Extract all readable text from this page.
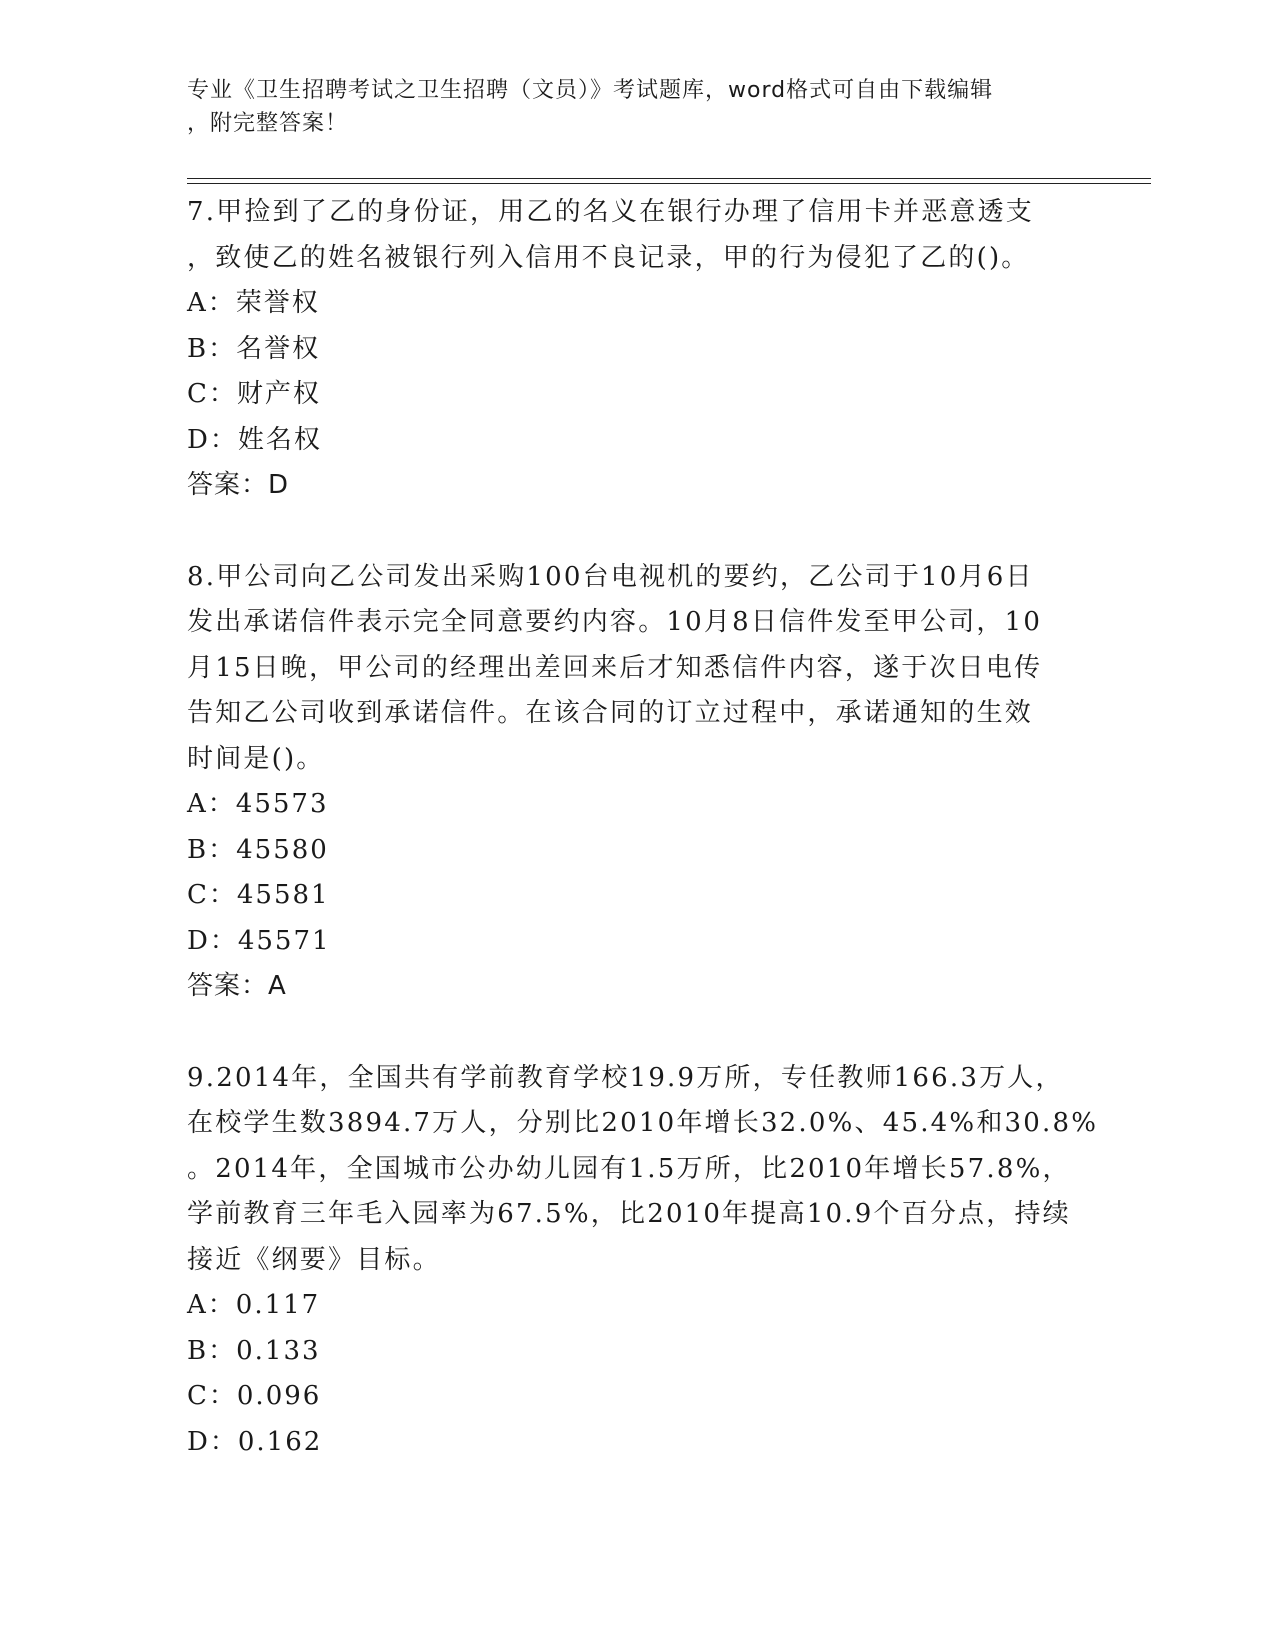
专业《卫生招聘考试之卫生招聘（文员）》考试题库，word格式可自由下载编辑
，附完整答案！
7.甲捡到了乙的身份证，用乙的名义在银行办理了信用卡并恶意透支
，致使乙的姓名被银行列入信用不良记录，甲的行为侵犯了乙的()。
A：荣誉权
B：名誉权
C：财产权
D：姓名权
答案：D
8.甲公司向乙公司发出采购100台电视机的要约，乙公司于10月6日
发出承诺信件表示完全同意要约内容。10月8日信件发至甲公司，10
月15日晚，甲公司的经理出差回来后才知悉信件内容，遂于次日电传
告知乙公司收到承诺信件。在该合同的订立过程中，承诺通知的生效
时间是()。
A：45573
B：45580
C：45581
D：45571
答案：A
9.2014年，全国共有学前教育学校19.9万所，专任教师166.3万人，
在校学生数3894.7万人，分别比2010年增长32.0%、45.4%和30.8%
。2014年，全国城市公办幼儿园有1.5万所，比2010年增长57.8%，
学前教育三年毛入园率为67.5%，比2010年提高10.9个百分点，持续
接近《纲要》目标。
A：0.117
B：0.133
C：0.096
D：0.162
